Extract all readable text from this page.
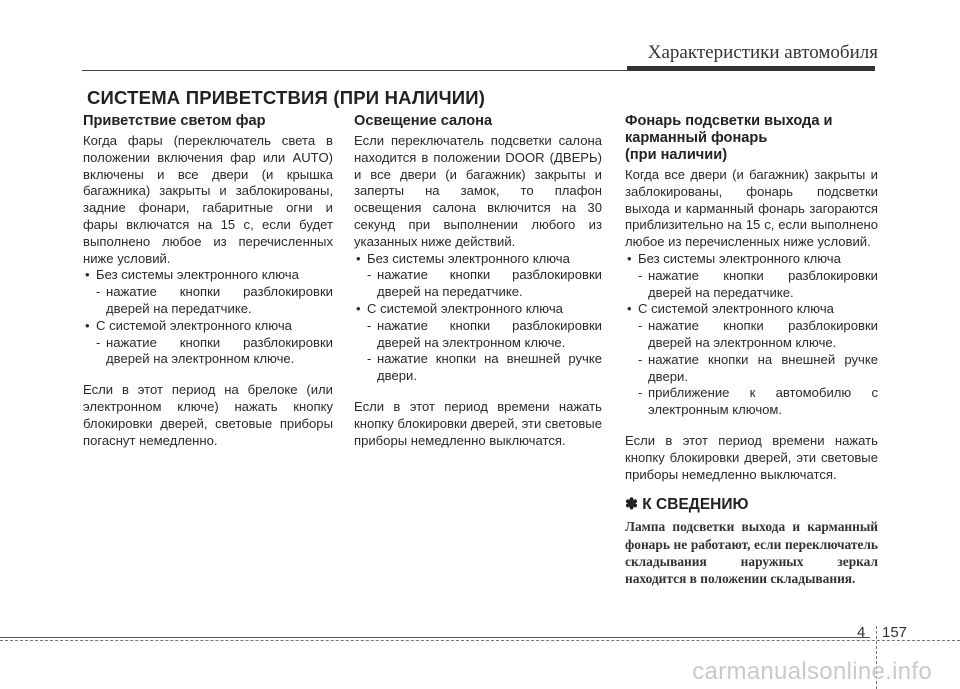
Характеристики автомобиля
СИСТЕМА ПРИВЕТСТВИЯ (ПРИ НАЛИЧИИ)
Приветствие светом фар

Когда фары (переключатель света в положении включения фар или AUTO) включены и все двери (и крышка багажника) закрыты и заблокированы, задние фонари, габаритные огни и фары включатся на 15 с, если будет выполнено любое из перечисленных ниже условий.

• Без системы электронного ключа
- нажатие кнопки разблокировки дверей на передатчике.
• С системой электронного ключа
- нажатие кнопки разблокировки дверей на электронном ключе.

Если в этот период на брелоке (или электронном ключе) нажать кнопку блокировки дверей, световые приборы погаснут немедленно.

Освещение салона

Если переключатель подсветки салона находится в положении DOOR (ДВЕРЬ) и все двери (и багажник) закрыты и заперты на замок, то плафон освещения салона включится на 30 секунд при выполнении любого из указанных ниже действий.

• Без системы электронного ключа
- нажатие кнопки разблокировки дверей на передатчике.
• С системой электронного ключа
- нажатие кнопки разблокировки дверей на электронном ключе.
- нажатие кнопки на внешней ручке двери.

Если в этот период времени нажать кнопку блокировки дверей, эти световые приборы немедленно выключатся.

Фонарь подсветки выхода и
карманный фонарь
(при наличии)

Когда все двери (и багажник) закрыты и заблокированы, фонарь подсветки выхода и карманный фонарь загораются приблизительно на 15 с, если выполнено любое из перечисленных ниже условий.

• Без системы электронного ключа
- нажатие кнопки разблокировки дверей на передатчике.
• С системой электронного ключа
- нажатие кнопки разблокировки дверей на электронном ключе.
- нажатие кнопки на внешней ручке двери.
- приближение к автомобилю с электронным ключом.

Если в этот период времени нажать кнопку блокировки дверей, эти световые приборы немедленно выключатся.

✽ К СВЕДЕНИЮ
Лампа подсветки выхода и карманный фонарь не работают, если переключатель складывания наружных зеркал находится в положении складывания.
4 157
carmanualsonline.info
